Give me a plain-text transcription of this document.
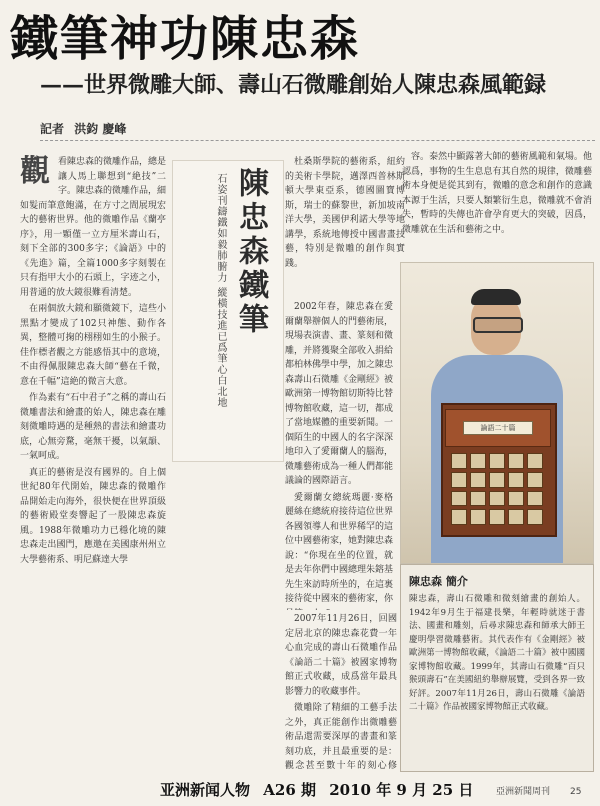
鐵筆神功陳忠森
——世界微雕大師、壽山石微雕創始人陳忠森風範録
記者 洪鈞 慶峰

觀 看陳忠森的微雕作品，總是讓人馬上聯想到“絶技”二字。陳忠森的微雕作品，細如髮而筆意飽滿，在方寸之間展現宏大的藝術世界。他的微雕作品《蘭亭序》，用一顆僅一立方厘米壽山石，刻下全部的300多字；《論語》中的《先進》篇，全篇1000多字刻製在只有指甲大小的石頭上，字迹之小，用普通的放大鏡很難看清楚。

在兩個放大鏡和顯微鏡下，這些小黑點才變成了102只神態、動作各異，整體可掬的栩栩如生的小猴子。佳作標者觀之方能感悟其中的意境，不由得佩服陳忠森大師“藝在千微，意在千幅”這絶的微言大意。

作為素有“石中君子”之稱的壽山石微雕書法和繪畫的始人，陳忠森在雕刻微雕時遇的是種熱的書法和繪畫功底，心無旁騖，毫無干擾，以氣韻、一氣呵成。

真正的藝術是沒有國界的。自上個世紀80年代開始，陳忠森的微雕作品開始走向海外，很快便在世界頂級的藝術殿堂奏響起了一股陳忠森旋風。1988年微雕功力已穩化境的陳忠森走出國門，應邀在美國康州州立大學藝術系、明尼蘇達大學

陳忠森鐵筆
石姿刊鑄鐵如毅肺腑力 縱橫技進已爲筆心白北地

杜桑斯學院的藝術系，紐約的美術卡學院，邁澤西普林斯頓大學東亞系，德國圖寶博斯，瑞士的蘇黎世，新加坡南洋大學，美國伊利諾大學等地講學，系統地傳授中國書畫技藝，特別是微雕的創作與實踐。

2002年春，陳忠森在愛爾蘭舉辦個人的門藝術展，現場表演書、畫、篆刻和微雕，并將獲聚全部收入捐給都柏林佛學中學，加之陳忠森壽山石微雕《金剛經》被歐洲第一博物館切斯特比替博物館收藏，這一切，都成了當地媒體的重要新聞。一個陌生的中國人的名字深深地印入了愛爾蘭人的腦海，微雕藝術成為一種人們都能議論的國際語言。

愛爾蘭女總統瑪麗·麥格麗絲在總統府接待這位世界各國領導人和世界稀罕的這位中國藝術家，她對陳忠森說：“你現在坐的位置，就是去年你們中國總理朱鎔基先生來訪時所坐的，在這裏接待從中國來的藝術家，你

2007年11月26日，回國定居北京的陳忠森花費一年心血完成的壽山石微雕作品《論語二十篇》被國家博物館正式收藏，成爲當年最具影響力的收藏事件。

微雕除了精細的工藝手法之外，真正能創作出微雕藝術品還需要深厚的書畫和篆刻功底，并且最重要的是：觀念甚至數十年的刻心修

容。泰然中顯露著大師的藝術風範和氣場。他認爲，事物的生生息息有其自然的規律，微雕藝術本身便是從其到有，微雕的意念和創作的意識本源于生活，只要人類繁衍生息，微雕就不會消失，暫時的失傳也許會孕育更大的突破，因爲，微雕就在生活和藝術之中。

論語二十篇
陳忠森 簡介
陳忠森，壽山石微雕和微刻繪畫的創始人。1942年9月生于福建長樂，年輕時就迷于書法、國畫和雕刻，后尋求陳忠森和師承大師王慶明學習微雕藝術。其代表作有《金剛經》被歐洲第一博物館收藏，《論語二十篇》被中國國家博物館收藏。1999年，其壽山石微雕“百只猴頭壽石”在美國紐約舉辦展覽，受到各界一致好評。2007年11月26日，壽山石微雕《論語二十篇》作品被國家博物館正式收藏。
亚洲新闻人物 A26 期 2010 年 9 月 25 日	亞洲新聞周刊	25
